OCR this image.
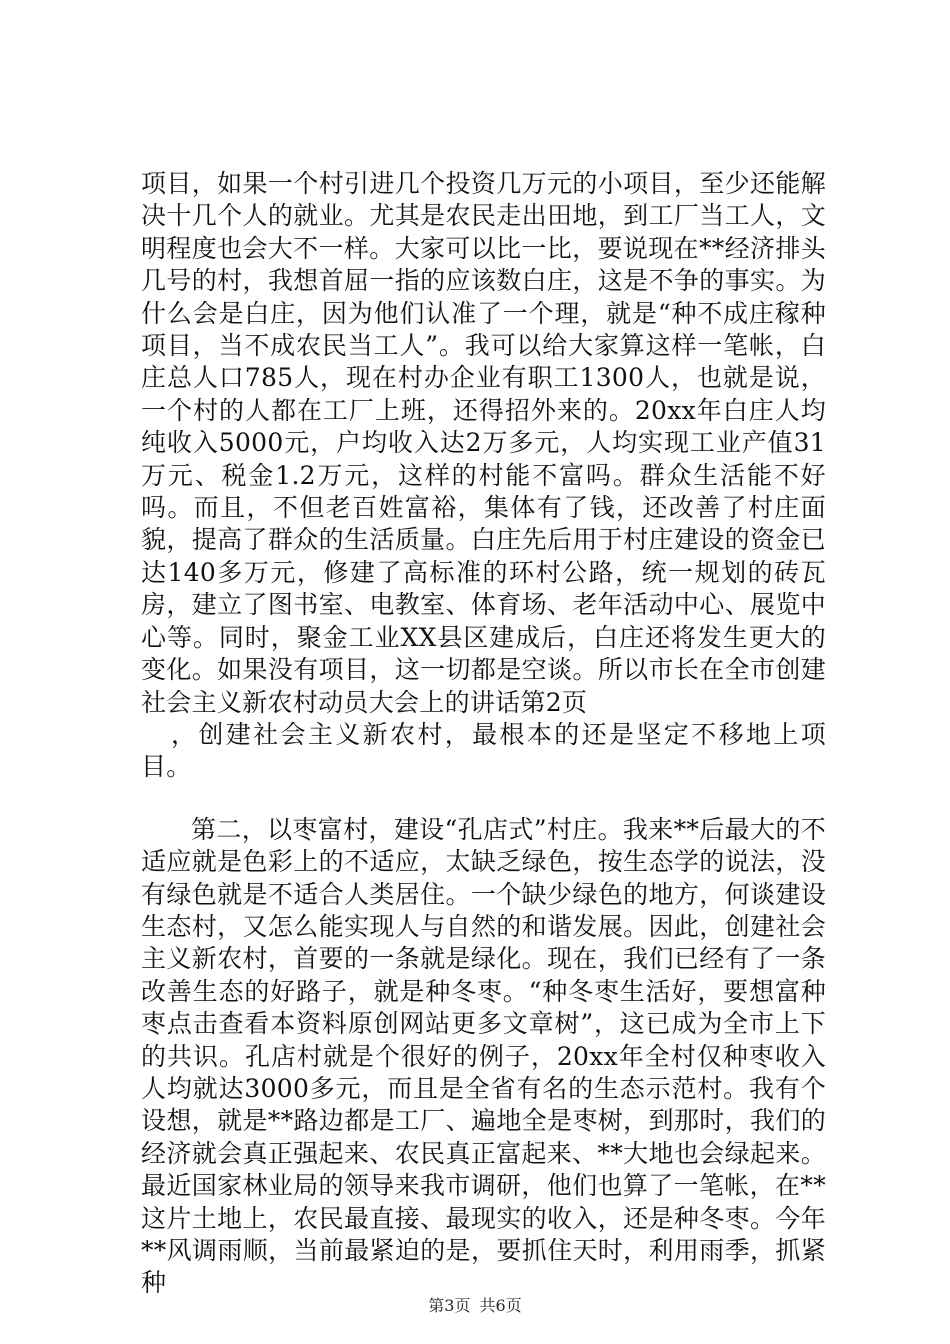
项目，如果一个村引进几个投资几万元的小项目，至少还能解决十几个人的就业。尤其是农民走出田地，到工厂当工人，文明程度也会大不一样。大家可以比一比，要说现在**经济排头几号的村，我想首屈一指的应该数白庄，这是不争的事实。为什么会是白庄，因为他们认准了一个理，就是“种不成庄稼种项目，当不成农民当工人”。我可以给大家算这样一笔帐，白庄总人口785人，现在村办企业有职工1300人，也就是说，一个村的人都在工厂上班，还得招外来的。20xx年白庄人均纯收入5000元，户均收入达2万多元，人均实现工业产值31万元、税金1.2万元，这样的村能不富吗。群众生活能不好吗。而且，不但老百姓富裕，集体有了钱，还改善了村庄面貌，提高了群众的生活质量。白庄先后用于村庄建设的资金已达140多万元，修建了高标准的环村公路，统一规划的砖瓦房，建立了图书室、电教室、体育场、老年活动中心、展览中心等。同时，聚金工业XX县区建成后，白庄还将发生更大的变化。如果没有项目，这一切都是空谈。所以市长在全市创建社会主义新农村动员大会上的讲话第2页

，创建社会主义新农村，最根本的还是坚定不移地上项目。

第二，以枣富村，建设“孔店式”村庄。我来**后最大的不适应就是色彩上的不适应，太缺乏绿色，按生态学的说法，没有绿色就是不适合人类居住。一个缺少绿色的地方，何谈建设生态村，又怎么能实现人与自然的和谐发展。因此，创建社会主义新农村，首要的一条就是绿化。现在，我们已经有了一条改善生态的好路子，就是种冬枣。“种冬枣生活好，要想富种枣点击查看本资料原创网站更多文章树”，这已成为全市上下的共识。孔店村就是个很好的例子，20xx年全村仅种枣收入人均就达3000多元，而且是全省有名的生态示范村。我有个设想，就是**路边都是工厂、遍地全是枣树，到那时，我们的经济就会真正强起来、农民真正富起来、**大地也会绿起来。最近国家林业局的领导来我市调研，他们也算了一笔帐，在**这片土地上，农民最直接、最现实的收入，还是种冬枣。今年**风调雨顺，当前最紧迫的是，要抓住天时，利用雨季，抓紧种

第3页 共6页
